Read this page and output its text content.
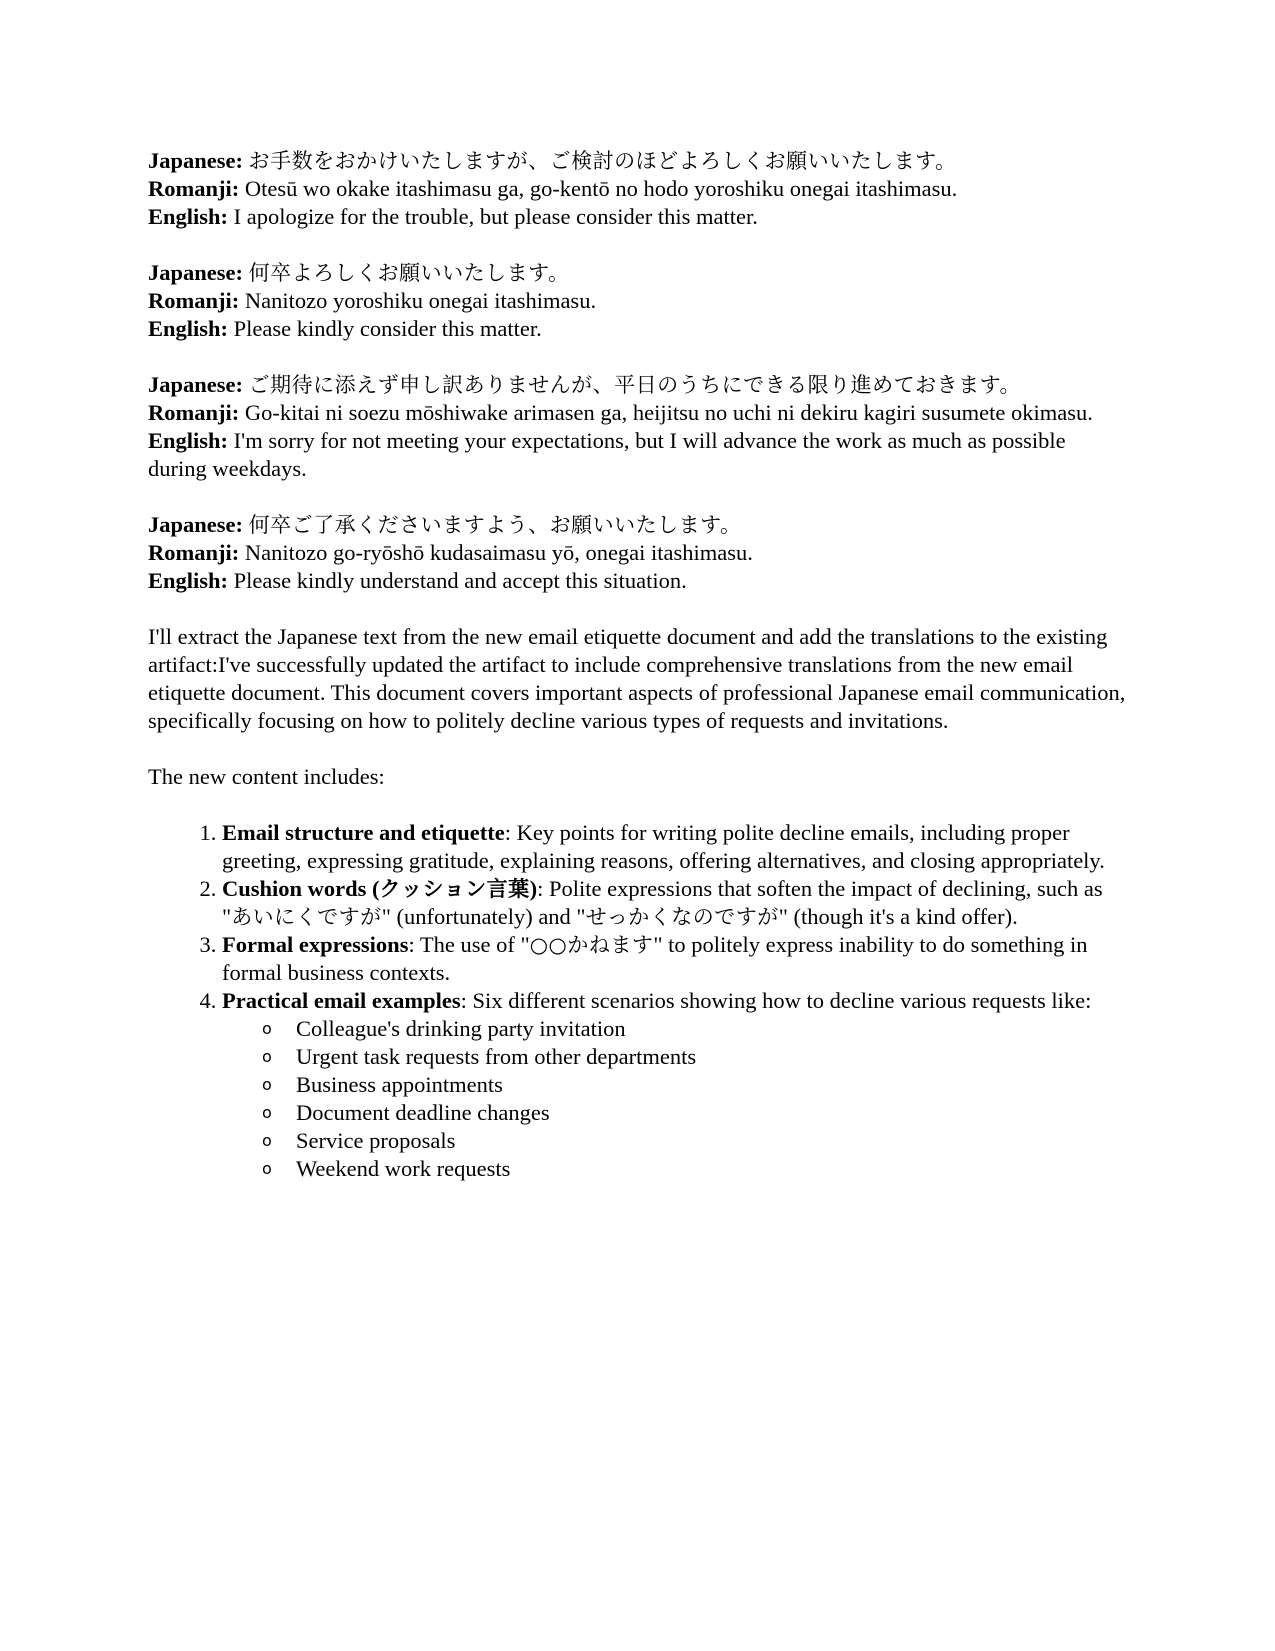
Japanese: お手数をおかけいたしますが、ご検討のほどよろしくお願いいたします。

Romanji: Otesū wo okake itashimasu ga, go-kentō no hodo yoroshiku onegai itashimasu.

English: I apologize for the trouble, but please consider this matter.

Japanese: 何卒よろしくお願いいたします。

Romanji: Nanitozo yoroshiku onegai itashimasu.

English: Please kindly consider this matter.

Japanese: ご期待に添えず申し訳ありませんが、平日のうちにできる限り進めておきます。

Romanji: Go-kitai ni soezu mōshiwake arimasen ga, heijitsu no uchi ni dekiru kagiri susumete okimasu.

English: I'm sorry for not meeting your expectations, but I will advance the work as much as possible during weekdays.

Japanese: 何卒ご了承くださいますよう、お願いいたします。

Romanji: Nanitozo go-ryōshō kudasaimasu yō, onegai itashimasu.

English: Please kindly understand and accept this situation.

I'll extract the Japanese text from the new email etiquette document and add the translations to the existing artifact:I've successfully updated the artifact to include comprehensive translations from the new email etiquette document. This document covers important aspects of professional Japanese email communication, specifically focusing on how to politely decline various types of requests and invitations.

The new content includes:

1. Email structure and etiquette: Key points for writing polite decline emails, including proper greeting, expressing gratitude, explaining reasons, offering alternatives, and closing appropriately.
2. Cushion words (クッション言葉): Polite expressions that soften the impact of declining, such as "あいにくですが" (unfortunately) and "せっかくなのですが" (though it's a kind offer).
3. Formal expressions: The use of "○○かねます" to politely express inability to do something in formal business contexts.
4. Practical email examples: Six different scenarios showing how to decline various requests like:
o Colleague's drinking party invitation
o Urgent task requests from other departments
o Business appointments
o Document deadline changes
o Service proposals
o Weekend work requests
